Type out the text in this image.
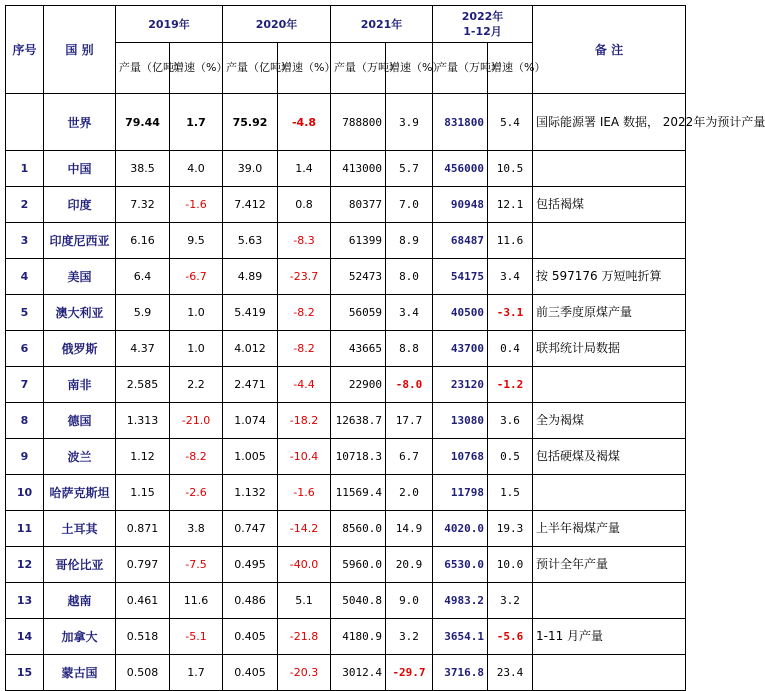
序号	国 别	2019年		2020年		2021年		2022年
1-12月		备 注
		产量（亿吨）	增速（%）	产量（亿吨）	增速（%）	产量（万吨）	增速（%）	产量（万吨）	增速（%）	
	世界	79.44	1.7	75.92	-4.8	788800	3.9	831800	5.4	国际能源署 IEA 数据， 2022年为预计产量
1	中国	38.5	4.0	39.0	1.4	413000	5.7	456000	10.5	
2	印度	7.32	-1.6	7.412	0.8	80377	7.0	90948	12.1	包括褐煤
3	印度尼西亚	6.16	9.5	5.63	-8.3	61399	8.9	68487	11.6	
4	美国	6.4	-6.7	4.89	-23.7	52473	8.0	54175	3.4	按 597176 万短吨折算
5	澳大利亚	5.9	1.0	5.419	-8.2	56059	3.4	40500	-3.1	前三季度原煤产量
6	俄罗斯	4.37	1.0	4.012	-8.2	43665	8.8	43700	0.4	联邦统计局数据
7	南非	2.585	2.2	2.471	-4.4	22900	-8.0	23120	-1.2	
8	德国	1.313	-21.0	1.074	-18.2	12638.7	17.7	13080	3.6	全为褐煤
9	波兰	1.12	-8.2	1.005	-10.4	10718.3	6.7	10768	0.5	包括硬煤及褐煤
10	哈萨克斯坦	1.15	-2.6	1.132	-1.6	11569.4	2.0	11798	1.5	
11	土耳其	0.871	3.8	0.747	-14.2	8560.0	14.9	4020.0	19.3	上半年褐煤产量
12	哥伦比亚	0.797	-7.5	0.495	-40.0	5960.0	20.9	6530.0	10.0	预计全年产量
13	越南	0.461	11.6	0.486	5.1	5040.8	9.0	4983.2	3.2	
14	加拿大	0.518	-5.1	0.405	-21.8	4180.9	3.2	3654.1	-5.6	1-11 月产量
15	蒙古国	0.508	1.7	0.405	-20.3	3012.4	-29.7	3716.8	23.4	
